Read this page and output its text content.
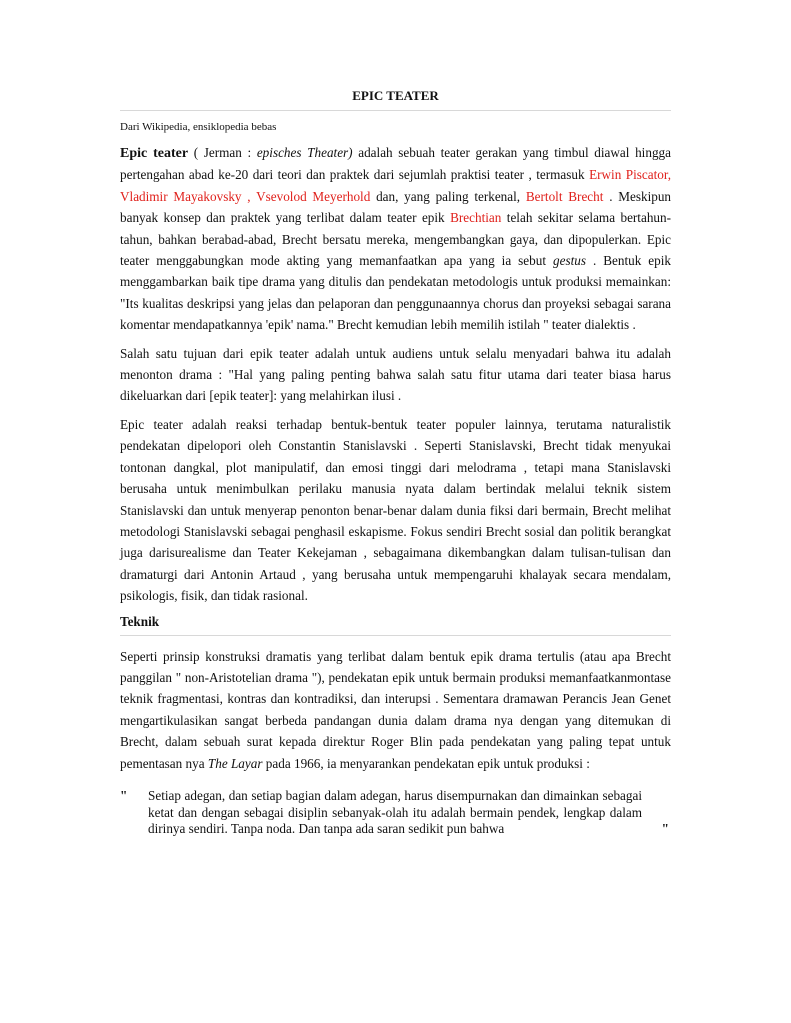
EPIC TEATER
Dari Wikipedia, ensiklopedia bebas

Epic teater ( Jerman : episches Theater) adalah sebuah teater gerakan yang timbul diawal hingga pertengahan abad ke-20 dari teori dan praktek dari sejumlah praktisi teater , termasuk Erwin Piscator, Vladimir Mayakovsky , Vsevolod Meyerhold dan, yang paling terkenal, Bertolt Brecht . Meskipun banyak konsep dan praktek yang terlibat dalam teater epik Brechtian telah sekitar selama bertahun-tahun, bahkan berabad-abad, Brecht bersatu mereka, mengembangkan gaya, dan dipopulerkan. Epic teater menggabungkan mode akting yang memanfaatkan apa yang ia sebut gestus . Bentuk epik menggambarkan baik tipe drama yang ditulis dan pendekatan metodologis untuk produksi memainkan: "Its kualitas deskripsi yang jelas dan pelaporan dan penggunaannya chorus dan proyeksi sebagai sarana komentar mendapatkannya 'epik' nama." Brecht kemudian lebih memilih istilah " teater dialektis .

Salah satu tujuan dari epik teater adalah untuk audiens untuk selalu menyadari bahwa itu adalah menonton drama : "Hal yang paling penting bahwa salah satu fitur utama dari teater biasa harus dikeluarkan dari [epik teater]: yang melahirkan ilusi .

Epic teater adalah reaksi terhadap bentuk-bentuk teater populer lainnya, terutama naturalistik pendekatan dipelopori oleh Constantin Stanislavski . Seperti Stanislavski, Brecht tidak menyukai tontonan dangkal, plot manipulatif, dan emosi tinggi dari melodrama , tetapi mana Stanislavski berusaha untuk menimbulkan perilaku manusia nyata dalam bertindak melalui teknik sistem Stanislavski dan untuk menyerap penonton benar-benar dalam dunia fiksi dari bermain, Brecht melihat metodologi Stanislavski sebagai penghasil eskapisme. Fokus sendiri Brecht sosial dan politik berangkat juga darisurealisme dan Teater Kekejaman , sebagaimana dikembangkan dalam tulisan-tulisan dan dramaturgi dari Antonin Artaud , yang berusaha untuk mempengaruhi khalayak secara mendalam, psikologis, fisik, dan tidak rasional.

Teknik

Seperti prinsip konstruksi dramatis yang terlibat dalam bentuk epik drama tertulis (atau apa Brecht panggilan " non-Aristotelian drama "), pendekatan epik untuk bermain produksi memanfaatkanmontase teknik fragmentasi, kontras dan kontradiksi, dan interupsi . Sementara dramawan Perancis Jean Genet mengartikulasikan sangat berbeda pandangan dunia dalam drama nya dengan yang ditemukan di Brecht, dalam sebuah surat kepada direktur Roger Blin pada pendekatan yang paling tepat untuk pementasan nya The Layar pada 1966, ia menyarankan pendekatan epik untuk produksi :

" Setiap adegan, dan setiap bagian dalam adegan, harus disempurnakan dan dimainkan sebagai ketat dan dengan sebagai disiplin sebanyak-olah itu adalah bermain pendek, lengkap dalam dirinya sendiri. Tanpa noda. Dan tanpa ada saran sedikit pun bahwa	"
